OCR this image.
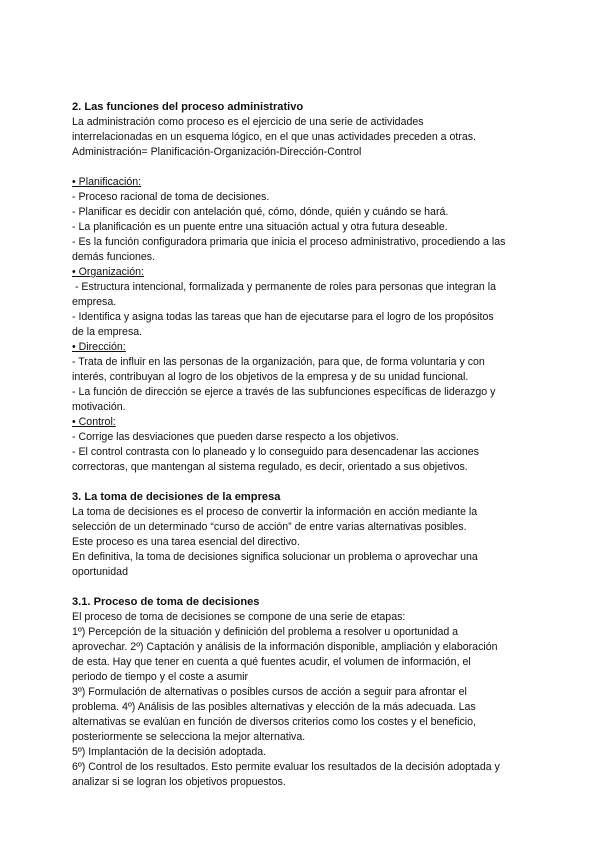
2. Las funciones del proceso administrativo

La administración como proceso es el ejercicio de una serie de actividades
interrelacionadas en un esquema lógico, en el que unas actividades preceden a otras.
Administración= Planificación-Organización-Dirección-Control

• Planificación:

- Proceso racional de toma de decisiones.
- Planificar es decidir con antelación qué, cómo, dónde, quién y cuándo se hará.
- La planificación es un puente entre una situación actual y otra futura deseable.
- Es la función configuradora primaria que inicia el proceso administrativo, procediendo a las
demás funciones.

• Organización:

- Estructura intencional, formalizada y permanente de roles para personas que integran la
empresa.
- Identifica y asigna todas las tareas que han de ejecutarse para el logro de los propósitos
de la empresa.

• Dirección:

- Trata de influir en las personas de la organización, para que, de forma voluntaria y con
interés, contribuyan al logro de los objetivos de la empresa y de su unidad funcional.
- La función de dirección se ejerce a través de las subfunciones específicas de liderazgo y
motivación.

• Control:

- Corrige las desviaciones que pueden darse respecto a los objetivos.
- El control contrasta con lo planeado y lo conseguido para desencadenar las acciones
correctoras, que mantengan al sistema regulado, es decir, orientado a sus objetivos.

3. La toma de decisiones de la empresa

La toma de decisiones es el proceso de convertir la información en acción mediante la
selección de un determinado “curso de acción” de entre varias alternativas posibles.
Este proceso es una tarea esencial del directivo.
En definitiva, la toma de decisiones significa solucionar un problema o aprovechar una
oportunidad

3.1. Proceso de toma de decisiones

El proceso de toma de decisiones se compone de una serie de etapas:
1º) Percepción de la situación y definición del problema a resolver u oportunidad a
aprovechar. 2º) Captación y análisis de la información disponible, ampliación y elaboración
de esta. Hay que tener en cuenta a qué fuentes acudir, el volumen de información, el
periodo de tiempo y el coste a asumir
3º) Formulación de alternativas o posibles cursos de acción a seguir para afrontar el
problema. 4º) Análisis de las posibles alternativas y elección de la más adecuada. Las
alternativas se evalúan en función de diversos criterios como los costes y el beneficio,
posteriormente se selecciona la mejor alternativa.
5º) Implantación de la decisión adoptada.
6º) Control de los resultados. Esto permite evaluar los resultados de la decisión adoptada y
analizar si se logran los objetivos propuestos.
